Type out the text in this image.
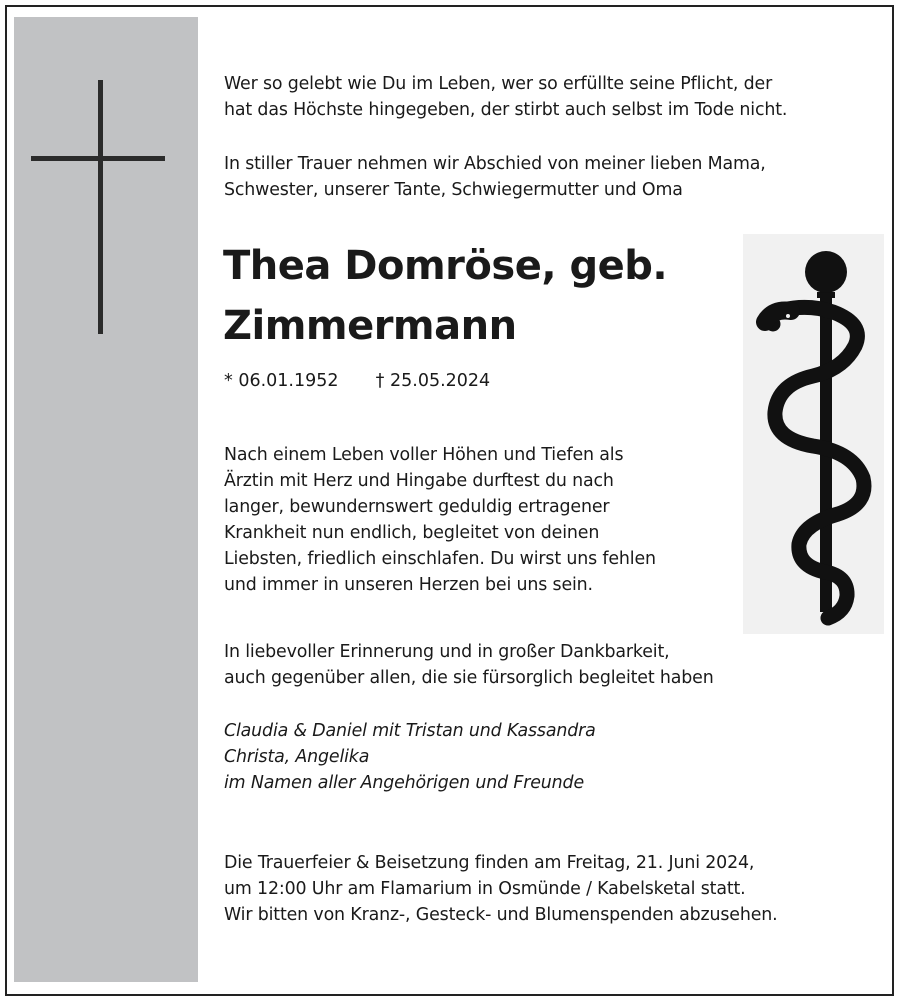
Wer so gelebt wie Du im Leben, wer so erfüllte seine Pflicht, der
hat das Höchste hingegeben, der stirbt auch selbst im Tode nicht.
In stiller Trauer nehmen wir Abschied von meiner lieben Mama,
Schwester, unserer Tante, Schwiegermutter und Oma
Thea Domröse, geb.
Zimmermann
* 06.01.1952 † 25.05.2024
Nach einem Leben voller Höhen und Tiefen als
Ärztin mit Herz und Hingabe durftest du nach
langer, bewundernswert geduldig ertragener
Krankheit nun endlich, begleitet von deinen
Liebsten, friedlich einschlafen. Du wirst uns fehlen
und immer in unseren Herzen bei uns sein.
In liebevoller Erinnerung und in großer Dankbarkeit,
auch gegenüber allen, die sie fürsorglich begleitet haben
Claudia & Daniel mit Tristan und Kassandra
Christa, Angelika
im Namen aller Angehörigen und Freunde
Die Trauerfeier & Beisetzung finden am Freitag, 21. Juni 2024,
um 12:00 Uhr am Flamarium in Osmünde / Kabelsketal statt.
Wir bitten von Kranz-, Gesteck- und Blumenspenden abzusehen.
